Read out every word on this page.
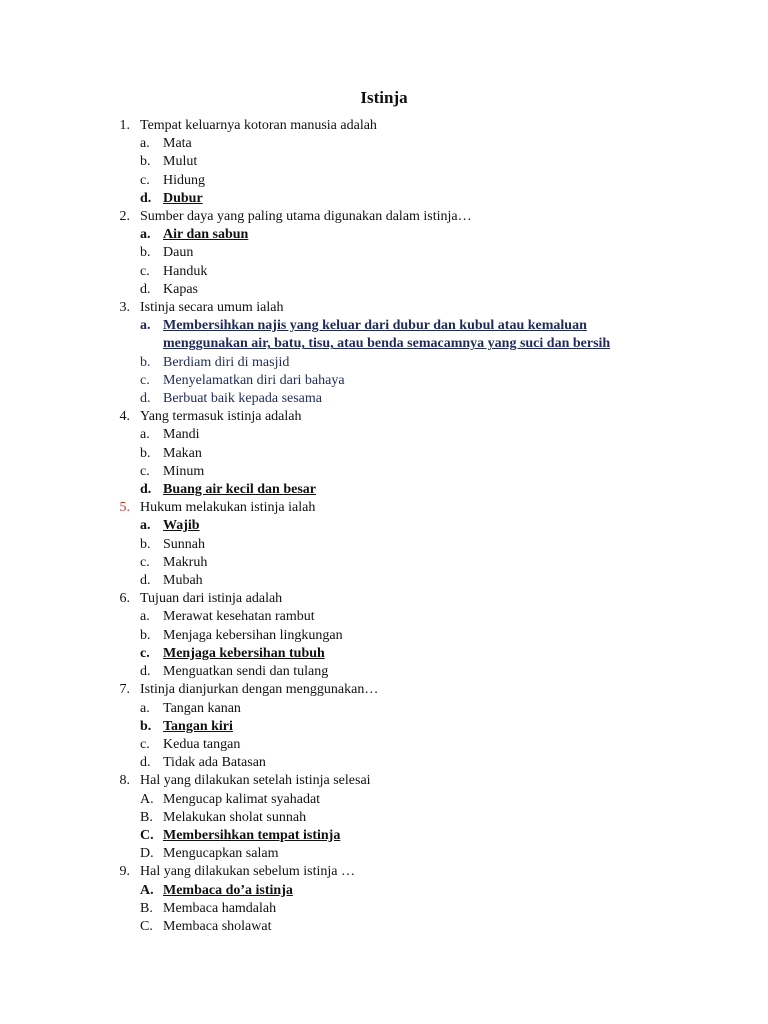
Istinja
1. Tempat keluarnya kotoran manusia adalah
a. Mata
b. Mulut
c. Hidung
d. Dubur
2. Sumber daya yang paling utama digunakan dalam istinja…
a. Air dan sabun
b. Daun
c. Handuk
d. Kapas
3. Istinja secara umum ialah
a. Membersihkan najis yang keluar dari dubur dan kubul atau kemaluan menggunakan air, batu, tisu, atau benda semacamnya yang suci dan bersih
b. Berdiam diri di masjid
c. Menyelamatkan diri dari bahaya
d. Berbuat baik kepada sesama
4. Yang termasuk istinja adalah
a. Mandi
b. Makan
c. Minum
d. Buang air kecil dan besar
5. Hukum melakukan istinja ialah
a. Wajib
b. Sunnah
c. Makruh
d. Mubah
6. Tujuan dari istinja adalah
a. Merawat kesehatan rambut
b. Menjaga kebersihan lingkungan
c. Menjaga kebersihan tubuh
d. Menguatkan sendi dan tulang
7. Istinja dianjurkan dengan menggunakan…
a. Tangan kanan
b. Tangan kiri
c. Kedua tangan
d. Tidak ada Batasan
8. Hal yang dilakukan setelah istinja selesai
A. Mengucap kalimat syahadat
B. Melakukan sholat sunnah
C. Membersihkan tempat istinja
D. Mengucapkan salam
9. Hal yang dilakukan sebelum istinja …
A. Membaca do’a istinja
B. Membaca hamdalah
C. Membaca sholawat
